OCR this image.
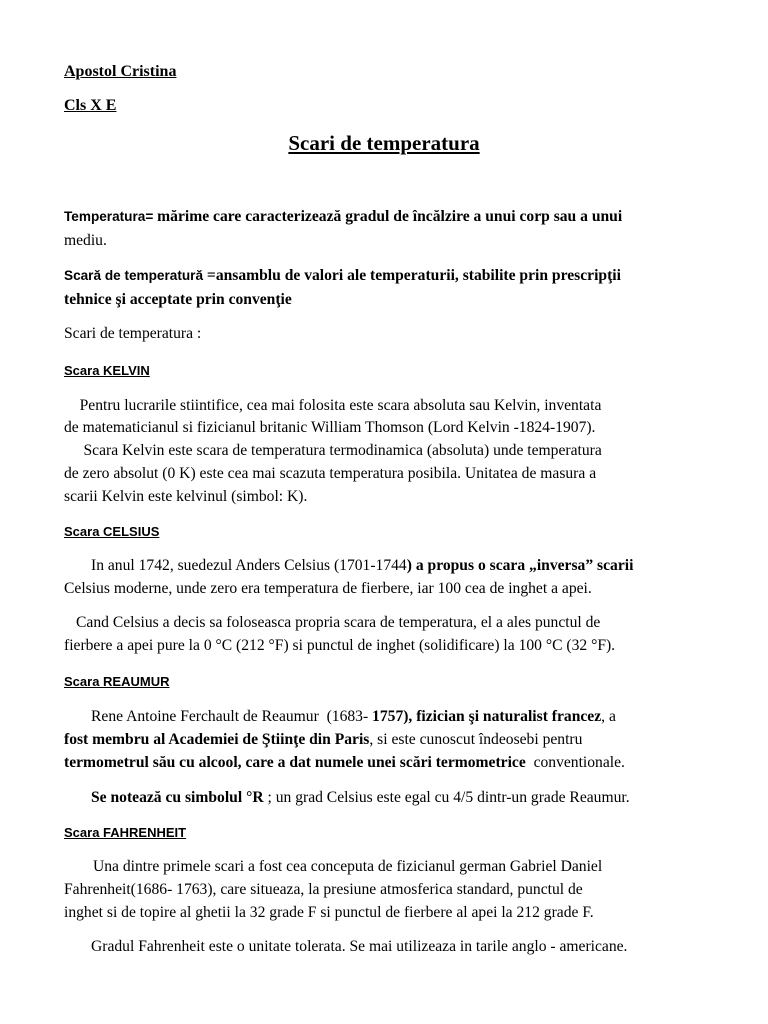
Apostol Cristina
Cls X E
Scari de temperatura
Temperatura= mărime care caracterizează gradul de încălzire a unui corp sau a unui
mediu.
Scară de temperatură =ansamblu de valori ale temperaturii, stabilite prin prescripţii
tehnice şi acceptate prin convenţie
Scari de temperatura :
Scara KELVIN
Pentru lucrarile stiintifice, cea mai folosita este scara absoluta sau Kelvin, inventata
de matematicianul si fizicianul britanic William Thomson (Lord Kelvin -1824-1907).
Scara Kelvin este scara de temperatura termodinamica (absoluta) unde temperatura
de zero absolut (0 K) este cea mai scazuta temperatura posibila. Unitatea de masura a
scarii Kelvin este kelvinul (simbol: K).
Scara CELSIUS
In anul 1742, suedezul Anders Celsius (1701-1744) a propus o scara „inversa” scarii
Celsius moderne, unde zero era temperatura de fierbere, iar 100 cea de inghet a apei.
Cand Celsius a decis sa foloseasca propria scara de temperatura, el a ales punctul de
fierbere a apei pure la 0 °C (212 °F) si punctul de inghet (solidificare) la 100 °C (32 °F).
Scara REAUMUR
Rene Antoine Ferchault de Reaumur  (1683- 1757), fizician şi naturalist francez, a
fost membru al Academiei de Ştiinţe din Paris, si este cunoscut îndeosebi pentru
termometrul său cu alcool, care a dat numele unei scări termometrice  conventionale.
Se notează cu simbolul °R ; un grad Celsius este egal cu 4/5 dintr-un grade Reaumur.
Scara FAHRENHEIT
Una dintre primele scari a fost cea conceputa de fizicianul german Gabriel Daniel
Fahrenheit(1686- 1763), care situeaza, la presiune atmosferica standard, punctul de
inghet si de topire al ghetii la 32 grade F si punctul de fierbere al apei la 212 grade F.
Gradul Fahrenheit este o unitate tolerata. Se mai utilizeaza in tarile anglo - americane.
